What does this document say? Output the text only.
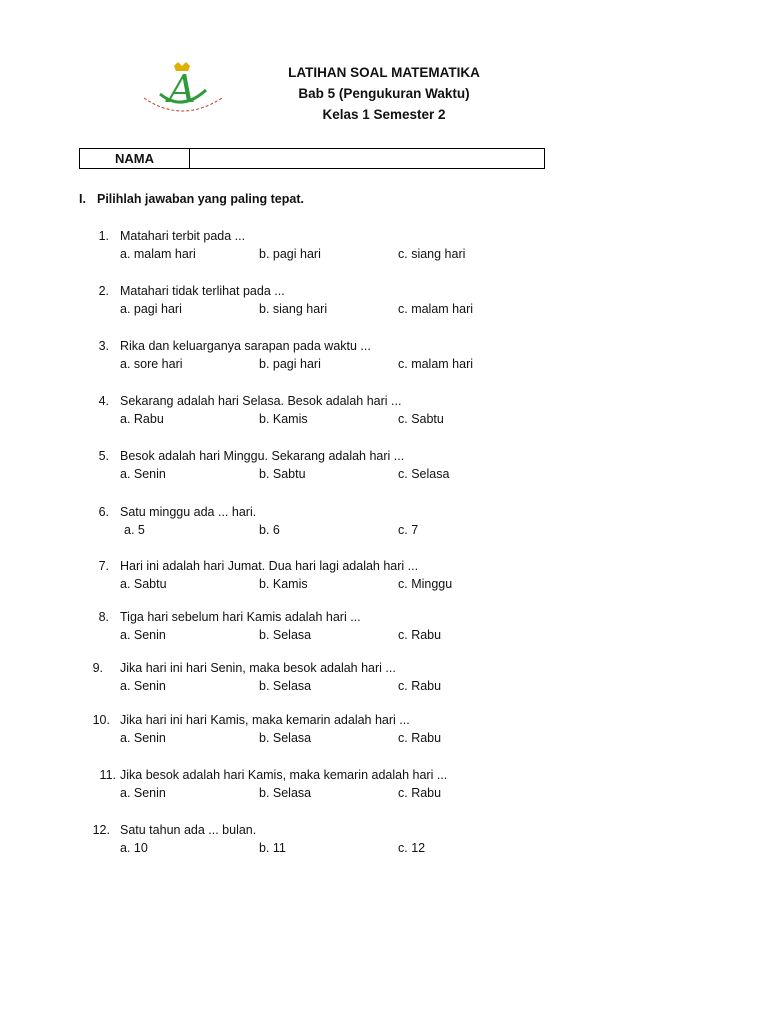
A	LATIHAN SOAL MATEMATIKA
Bab 5 (Pengukuran Waktu)
Kelas 1 Semester 2
NAMA
I. Pilihlah jawaban yang paling tepat.
1. Matahari terbit pada ...
a. malam hari	b. pagi hari	c. siang hari
2. Matahari tidak terlihat pada ...
a. pagi hari	b. siang hari	c. malam hari
3. Rika dan keluarganya sarapan pada waktu ...
a. sore hari	b. pagi hari	c. malam hari
4. Sekarang adalah hari Selasa. Besok adalah hari ...
a. Rabu	b. Kamis	c. Sabtu
5. Besok adalah hari Minggu. Sekarang adalah hari ...
a. Senin	b. Sabtu	c. Selasa
6. Satu minggu ada ... hari.
a. 5	b. 6	c. 7
7. Hari ini adalah hari Jumat. Dua hari lagi adalah hari ...
a. Sabtu	b. Kamis	c. Minggu
8. Tiga hari sebelum hari Kamis adalah hari ...
a. Senin	b. Selasa	c. Rabu
9. Jika hari ini hari Senin, maka besok adalah hari ...
a. Senin	b. Selasa	c. Rabu
10. Jika hari ini hari Kamis, maka kemarin adalah hari ...
a. Senin	b. Selasa	c. Rabu
11. Jika besok adalah hari Kamis, maka kemarin adalah hari ...
a. Senin	b. Selasa	c. Rabu
12. Satu tahun ada ... bulan.
a. 10	b. 11	c. 12
